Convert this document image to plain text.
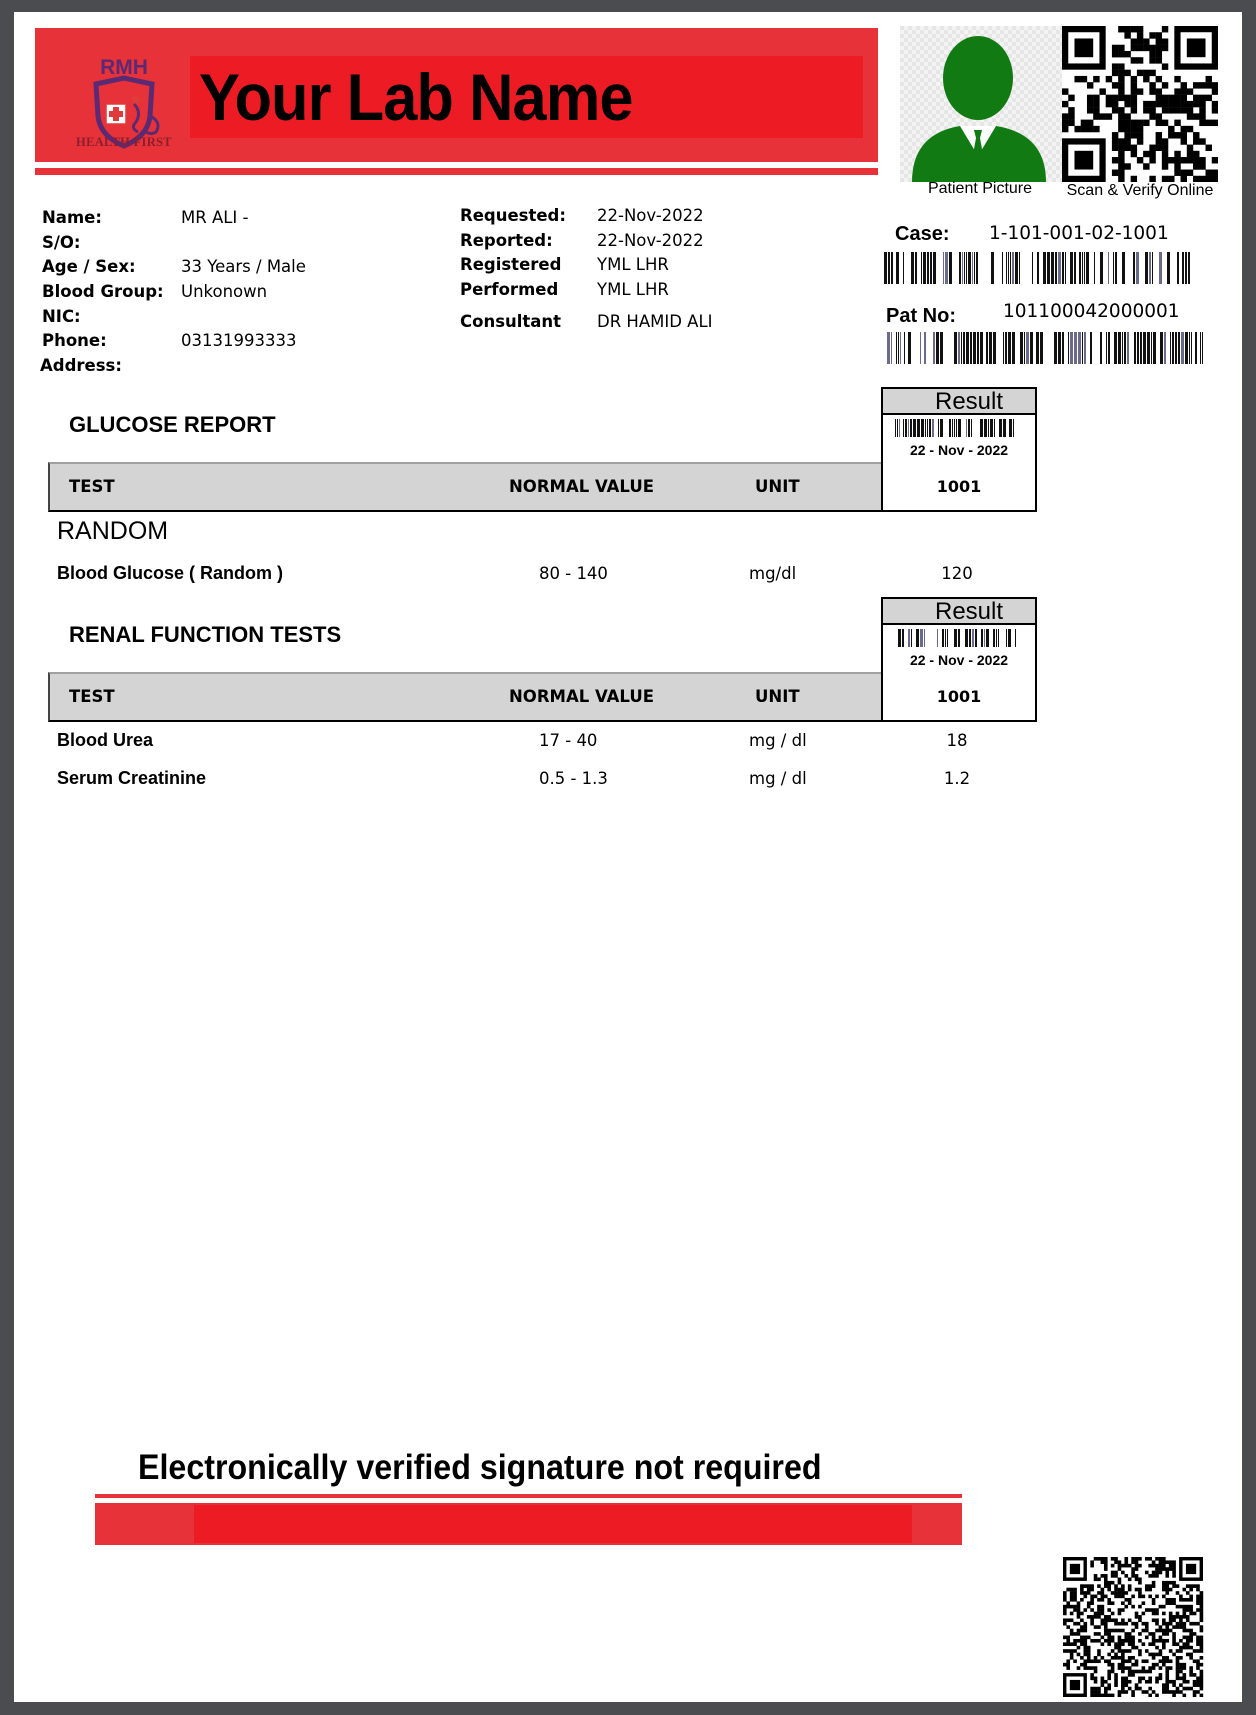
Your Lab Name
RMH
HEALTH FIRST
Patient Picture	Scan & Verify Online
Name:	MR ALI -
S/O:
Age / Sex:	33 Years / Male
Blood Group: Unkonown
NIC:
Phone:	03131993333
Address:
Requested: 22-Nov-2022
Reported:	22-Nov-2022
Registered YML LHR
Performed YML LHR
Consultant DR HAMID ALI
Case: 1-101-001-02-1001
Pat No:	101100042000001
GLUCOSE REPORT
TEST	NORMAL VALUE	UNIT
Result
22 - Nov - 2022
1001
RANDOM
Blood Glucose ( Random )	80 - 140	mg/dl	120
RENAL FUNCTION TESTS
TEST	NORMAL VALUE	UNIT
Result
22 - Nov - 2022
1001
Blood Urea	17 - 40	mg / dl	18
Serum Creatinine	0.5 - 1.3	mg / dl	1.2
Electronically verified signature not required
